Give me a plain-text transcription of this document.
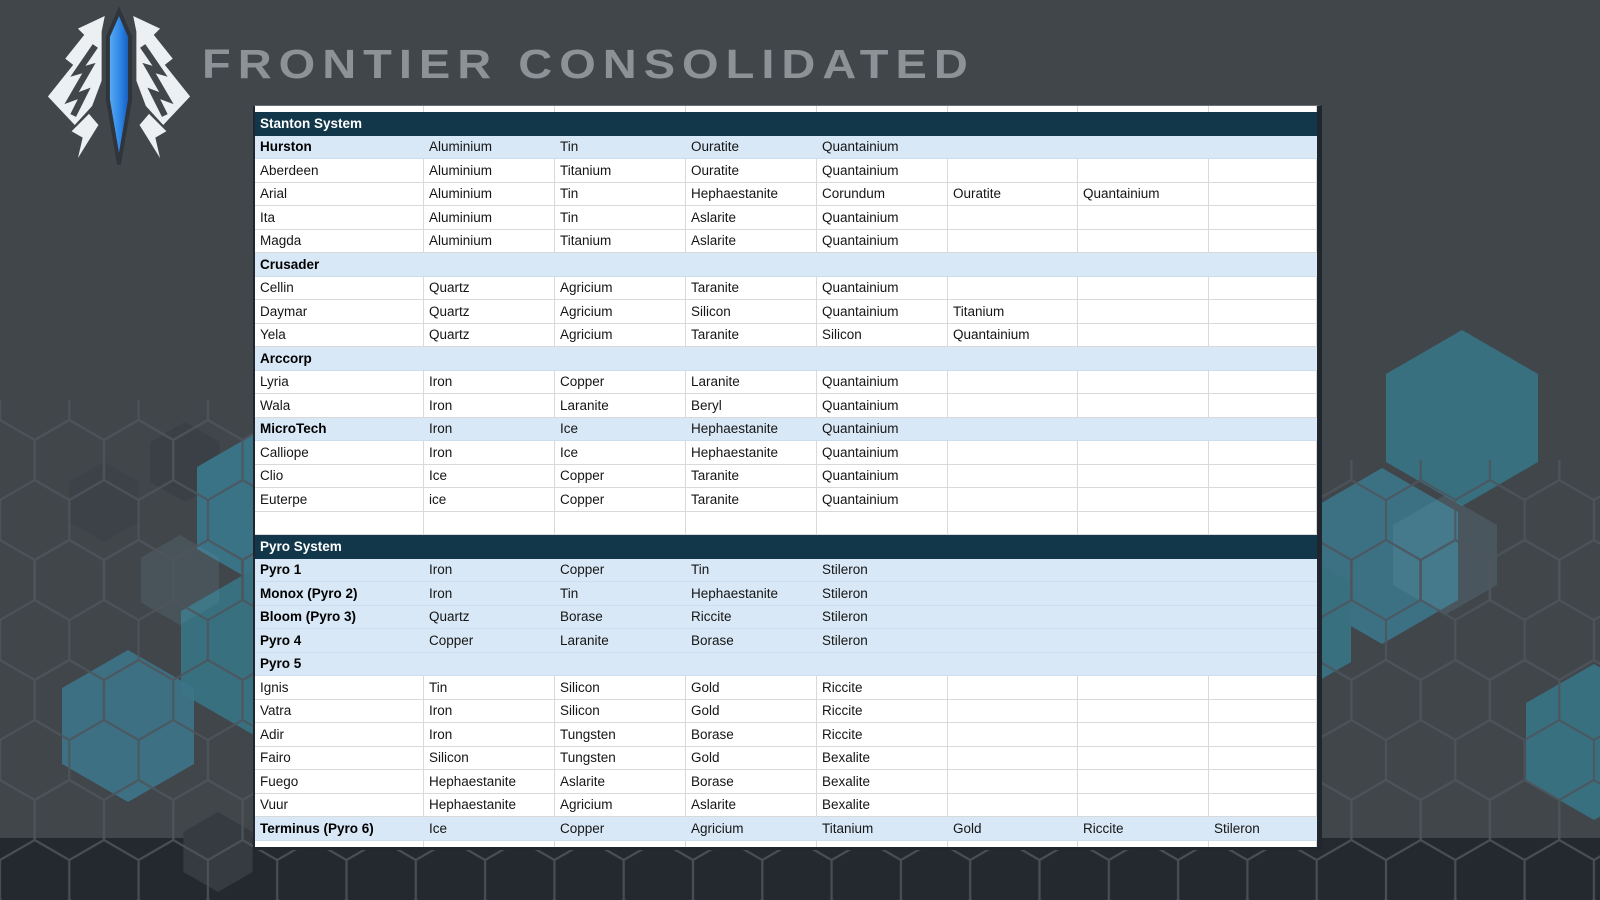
FRONTIER CONSOLIDATED
Stanton System
Hurston	Aluminium	Tin	Ouratite	Quantainium
Aberdeen	Aluminium	Titanium	Ouratite	Quantainium
Arial	Aluminium	Tin	Hephaestanite	Corundum	Ouratite	Quantainium
Ita	Aluminium	Tin	Aslarite	Quantainium
Magda	Aluminium	Titanium	Aslarite	Quantainium
Crusader
Cellin	Quartz	Agricium	Taranite	Quantainium
Daymar	Quartz	Agricium	Silicon	Quantainium	Titanium
Yela	Quartz	Agricium	Taranite	Silicon	Quantainium
Arccorp
Lyria	Iron	Copper	Laranite	Quantainium
Wala	Iron	Laranite	Beryl	Quantainium
MicroTech	Iron	Ice	Hephaestanite	Quantainium
Calliope	Iron	Ice	Hephaestanite	Quantainium
Clio	Ice	Copper	Taranite	Quantainium
Euterpe	ice	Copper	Taranite	Quantainium
Pyro System
Pyro 1	Iron	Copper	Tin	Stileron
Monox (Pyro 2)	Iron	Tin	Hephaestanite	Stileron
Bloom (Pyro 3)	Quartz	Borase	Riccite	Stileron
Pyro 4	Copper	Laranite	Borase	Stileron
Pyro 5
Ignis	Tin	Silicon	Gold	Riccite
Vatra	Iron	Silicon	Gold	Riccite
Adir	Iron	Tungsten	Borase	Riccite
Fairo	Silicon	Tungsten	Gold	Bexalite
Fuego	Hephaestanite	Aslarite	Borase	Bexalite
Vuur	Hephaestanite	Agricium	Aslarite	Bexalite
Terminus (Pyro 6)	Ice	Copper	Agricium	Titanium	Gold	Riccite	Stileron
